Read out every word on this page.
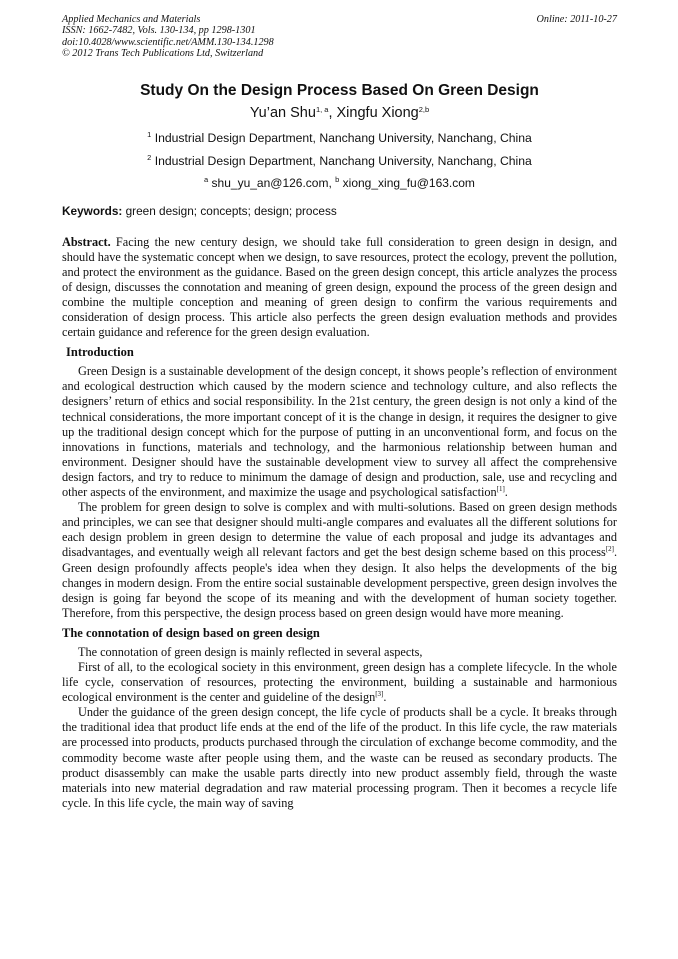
Applied Mechanics and Materials
ISSN: 1662-7482, Vols. 130-134, pp 1298-1301
doi:10.4028/www.scientific.net/AMM.130-134.1298
© 2012 Trans Tech Publications Ltd, Switzerland
Online: 2011-10-27
Study On the Design Process Based On Green Design
Yu’an Shu$^{1, a}$, Xingfu Xiong$^{2,b}$
$^1$ Industrial Design Department, Nanchang University, Nanchang, China
$^2$ Industrial Design Department, Nanchang University, Nanchang, China
$^a$ shu_yu_an@126.com, $^b$ xiong_xing_fu@163.com
Keywords: green design; concepts; design; process
Abstract. Facing the new century design, we should take full consideration to green design in design, and should have the systematic concept when we design, to save resources, protect the ecology, prevent the pollution, and protect the environment as the guidance. Based on the green design concept, this article analyzes the process of design, discusses the connotation and meaning of green design, expound the process of the green design and combine the multiple conception and meaning of green design to confirm the various requirements and consideration of design process. This article also perfects the green design evaluation methods and provides certain guidance and reference for the green design evaluation.
Introduction

Green Design is a sustainable development of the design concept, it shows people’s reflection of environment and ecological destruction which caused by the modern science and technology culture, and also reflects the designers’ return of ethics and social responsibility. In the 21st century, the green design is not only a kind of the technical considerations, the more important concept of it is the change in design, it requires the designer to give up the traditional design concept which for the purpose of putting in an unconventional form, and focus on the innovations in functions, materials and technology, and the harmonious relationship between human and environment. Designer should have the sustainable development view to survey all affect the comprehensive design factors, and try to reduce to minimum the damage of design and production, sale, use and recycling and other aspects of the environment, and maximize the usage and psychological satisfaction[1].

The problem for green design to solve is complex and with multi-solutions. Based on green design methods and principles, we can see that designer should multi-angle compares and evaluates all the different solutions for each design problem in green design to determine the value of each proposal and judge its advantages and disadvantages, and eventually weigh all relevant factors and get the best design scheme based on this process[2]. Green design profoundly affects people's idea when they design. It also helps the developments of the big changes in modern design. From the entire social sustainable development perspective, green design involves the design is going far beyond the scope of its meaning and with the development of human society together. Therefore, from this perspective, the design process based on green design would have more meaning.

The connotation of design based on green design

The connotation of green design is mainly reflected in several aspects,

First of all, to the ecological society in this environment, green design has a complete lifecycle. In the whole life cycle, conservation of resources, protecting the environment, building a sustainable and harmonious ecological environment is the center and guideline of the design[3].

Under the guidance of the green design concept, the life cycle of products shall be a cycle. It breaks through the traditional idea that product life ends at the end of the life of the product. In this life cycle, the raw materials are processed into products, products purchased through the circulation of exchange become commodity, and the commodity become waste after people using them, and the waste can be reused as secondary products. The product disassembly can make the usable parts directly into new product assembly field, through the waste materials into new material degradation and raw material processing program. Then it becomes a recycle life cycle. In this life cycle, the main way of saving
